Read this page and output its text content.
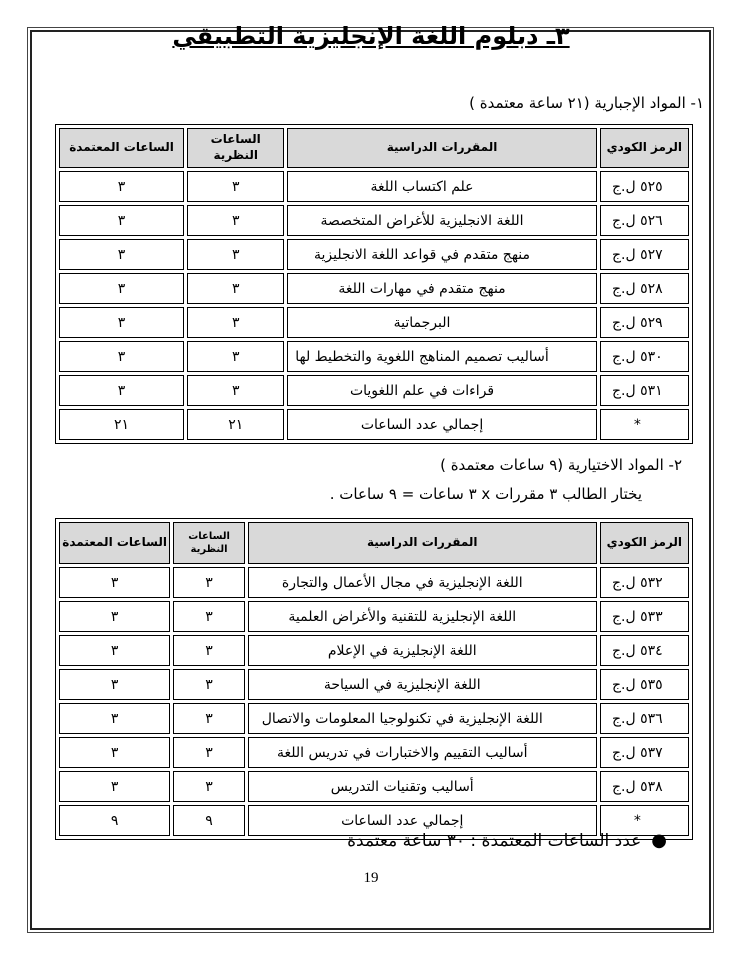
٣ـ دبلوم اللغة الإنجليزية التطبيقي
١- المواد الإجبارية (٢١ ساعة معتمدة )
الرمز الكودي	المقررات الدراسية	الساعات النظرية	الساعات المعتمدة
٥٢٥ ل.ج	علم اكتساب اللغة	٣	٣
٥٢٦ ل.ج	اللغة الانجليزية للأغراض المتخصصة	٣	٣
٥٢٧ ل.ج	منهج متقدم في قواعد اللغة الانجليزية	٣	٣
٥٢٨ ل.ج	منهج متقدم في مهارات اللغة	٣	٣
٥٢٩ ل.ج	البرجماتية	٣	٣
٥٣٠ ل.ج	أساليب تصميم المناهج اللغوية والتخطيط لها	٣	٣
٥٣١ ل.ج	قراءات في علم اللغويات	٣	٣
*	إجمالي عدد الساعات	٢١	٢١
٢- المواد الاختيارية (٩ ساعات معتمدة )
يختار الطالب ٣ مقررات x ٣ ساعات = ٩ ساعات .
الرمز الكودي	المقررات الدراسية	الساعات النظرية	الساعات المعتمدة
٥٣٢ ل.ج	اللغة الإنجليزية في مجال الأعمال والتجارة	٣	٣
٥٣٣ ل.ج	اللغة الإنجليزية للتقنية والأغراض العلمية	٣	٣
٥٣٤ ل.ج	اللغة الإنجليزية في الإعلام	٣	٣
٥٣٥ ل.ج	اللغة الإنجليزية في السياحة	٣	٣
٥٣٦ ل.ج	اللغة الإنجليزية في تكنولوجيا المعلومات والاتصال	٣	٣
٥٣٧ ل.ج	أساليب التقييم والاختبارات في تدريس اللغة	٣	٣
٥٣٨ ل.ج	أساليب وتقنيات التدريس	٣	٣
*	إجمالي عدد الساعات	٩	٩
●عدد الساعات المعتمدة : ٣٠ ساعة معتمدة
19
